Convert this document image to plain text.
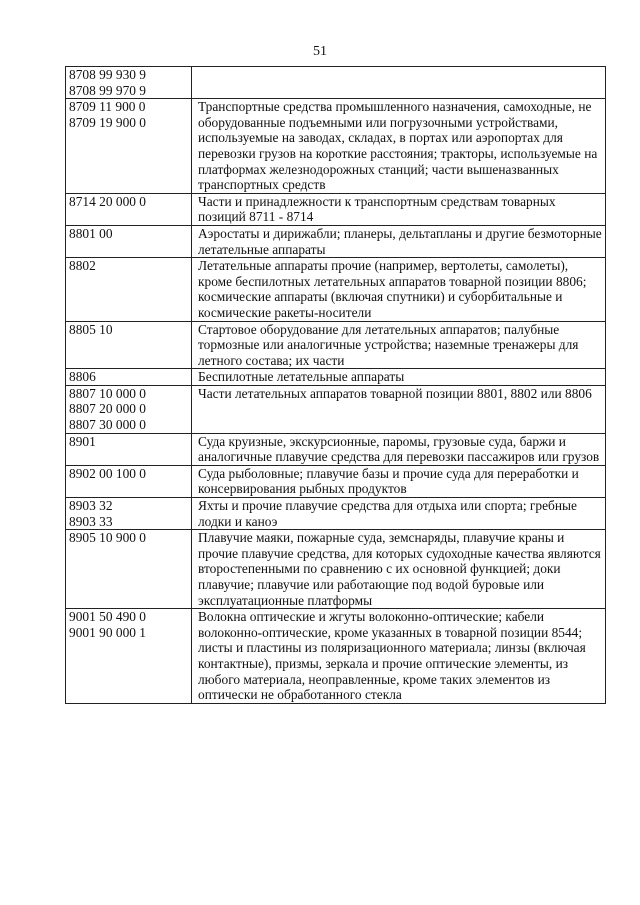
51
8708 99 930 9
8708 99 970 9	

8709 11 900 0
8709 19 900 0	Транспортные средства промышленного назначения, самоходные, не оборудованные подъемными или погрузочными устройствами, используемые на заводах, складах, в портах или аэропортах для перевозки грузов на короткие расстояния; тракторы, используемые на платформах железнодорожных станций; части вышеназванных транспортных средств

8714 20 000 0	Части и принадлежности к транспортным средствам товарных позиций 8711 - 8714

8801 00	Аэростаты и дирижабли; планеры, дельтапланы и другие безмоторные летательные аппараты

8802	Летательные аппараты прочие (например, вертолеты, самолеты), кроме беспилотных летательных аппаратов товарной позиции 8806; космические аппараты (включая спутники) и суборбитальные и космические ракеты-носители

8805 10	Стартовое оборудование для летательных аппаратов; палубные тормозные или аналогичные устройства; наземные тренажеры для летного состава; их части

8806	Беспилотные летательные аппараты

8807 10 000 0
8807 20 000 0
8807 30 000 0	Части летательных аппаратов товарной позиции 8801, 8802 или 8806

8901	Суда круизные, экскурсионные, паромы, грузовые суда, баржи и аналогичные плавучие средства для перевозки пассажиров или грузов

8902 00 100 0	Суда рыболовные; плавучие базы и прочие суда для переработки и консервирования рыбных продуктов

8903 32
8903 33	Яхты и прочие плавучие средства для отдыха или спорта; гребные лодки и каноэ

8905 10 900 0	Плавучие маяки, пожарные суда, земснаряды, плавучие краны и прочие плавучие средства, для которых судоходные качества являются второстепенными по сравнению с их основной функцией; доки плавучие; плавучие или работающие под водой буровые или эксплуатационные платформы

9001 50 490 0
9001 90 000 1	Волокна оптические и жгуты волоконно-оптические; кабели волоконно-оптические, кроме указанных в товарной позиции 8544; листы и пластины из поляризационного материала; линзы (включая контактные), призмы, зеркала и прочие оптические элементы, из любого материала, неоправленные, кроме таких элементов из оптически не обработанного стекла
